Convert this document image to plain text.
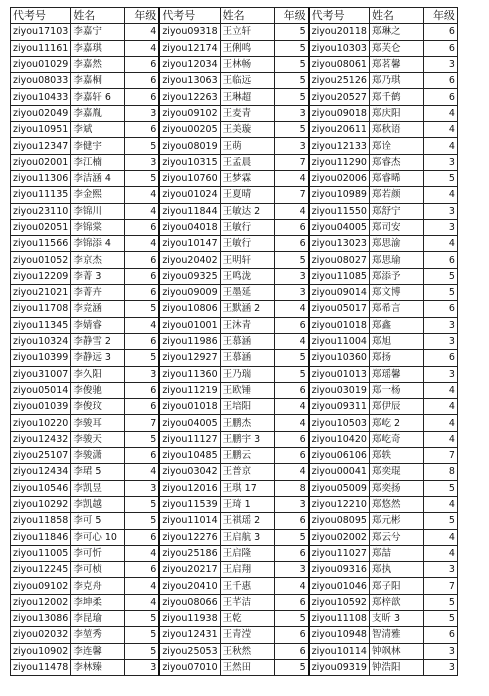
代考号	姓名	年级	代考号	姓名	年级	代考号	姓名	年级
ziyou17103	李嘉宁	4	ziyou09318	王立轩	5	ziyou20118	郑琳之	6
ziyou11161	李嘉琪	4	ziyou12174	王俐鸣	5	ziyou10303	郑芙仑	6
ziyou01029	李嘉然	6	ziyou12034	王林畅	5	ziyou08061	郑茗馨	3
ziyou08033	李嘉桐	6	ziyou13063	王临远	5	ziyou25126	郑乃琪	6
ziyou10433	李嘉轩 6	6	ziyou12263	王琳超	5	ziyou20527	郑千鹤	6
ziyou02049	李嘉胤	3	ziyou09102	王麦青	3	ziyou09018	郑庆阳	4
ziyou10951	李斌	6	ziyou00205	王美璇	5	ziyou20611	郑秋语	4
ziyou12347	李健宇	5	ziyou08019	王萌	3	ziyou12133	郑诠	4
ziyou02001	李江楠	3	ziyou10315	王孟晨	7	ziyou11290	郑睿杰	3
ziyou11306	李洁涵 4	5	ziyou10760	王梦霖	4	ziyou02006	郑睿晞	5
ziyou11135	李金熙	4	ziyou01024	王夏晴	7	ziyou10989	郑若颜	4
ziyou23110	李锦川	4	ziyou11844	王敏达 2	4	ziyou11550	郑舒宁	3
ziyou02051	李锦棠	6	ziyou04018	王敏行	6	ziyou04005	郑司安	3
ziyou11566	李锦添 4	4	ziyou10147	王敏行	6	ziyou13023	郑思渝	4
ziyou01052	李京杰	6	ziyou20402	王明轩	5	ziyou08027	郑思瑜	6
ziyou12209	李菁 3	6	ziyou09325	王鸣泷	3	ziyou11085	郑添予	5
ziyou21021	李菁卉	6	ziyou09009	王墨延	3	ziyou09014	郑文博	5
ziyou11708	李竞涵	5	ziyou10806	王默涵 2	4	ziyou05017	郑希言	6
ziyou11345	李婧睿	4	ziyou01001	王沐青	6	ziyou01018	郑鑫	3
ziyou10324	李静雪 2	6	ziyou11986	王慕涵	4	ziyou11004	郑旭	3
ziyou10399	李静远 3	5	ziyou12927	王慕涵	5	ziyou10360	郑扬	6
ziyou31007	李久阳	3	ziyou11360	王乃瑞	5	ziyou01013	郑瑶馨	3
ziyou05014	李俊驰	6	ziyou11219	王欧锤	6	ziyou03019	郑一杨	4
ziyou01039	李俊玟	6	ziyou01018	王培阳	4	ziyou09311	郑伊辰	4
ziyou10220	李骏耳	7	ziyou04005	王鹏杰	4	ziyou10503	郑屹 2	4
ziyou12432	李骏天	5	ziyou11127	王鹏宇 3	6	ziyou10420	郑屹奇	4
ziyou25107	李骏潇	6	ziyou10485	王鹏云	6	ziyou06106	郑轶	7
ziyou12434	李珺 5	4	ziyou03042	王普京	4	ziyou00041	郑奕琨	8
ziyou10546	李凯昱	3	ziyou12016	王琪 17	8	ziyou05009	郑奕扬	5
ziyou10292	李凯越	5	ziyou11539	王琦 1	3	ziyou12210	郑悠然	4
ziyou11858	李可 5	5	ziyou11014	王祺瑶 2	6	ziyou08095	郑元彬	5
ziyou11846	李可心 10	6	ziyou12276	王启航 3	5	ziyou02002	郑云兮	4
ziyou11005	李可忻	4	ziyou25186	王启隆	6	ziyou11027	郑喆	4
ziyou12245	李可桢	6	ziyou20217	王启翔	3	ziyou09316	郑执	3
ziyou09102	李克舟	4	ziyou20410	王千惠	4	ziyou01046	郑子阳	7
ziyou12002	李坤柔	4	ziyou08066	王芊洁	6	ziyou10592	郑梓歆	5
ziyou13086	李昆瑜	5	ziyou11938	王乾	5	ziyou11108	支昕 3	5
ziyou02032	李堃秀	5	ziyou12431	王青滢	6	ziyou10948	智清雅	6
ziyou10902	李连馨	5	ziyou25053	王秋然	6	ziyou10114	钟飒林	3
ziyou11478	李林臻	3	ziyou07010	王然田	5	ziyou09319	钟浩阳	3
